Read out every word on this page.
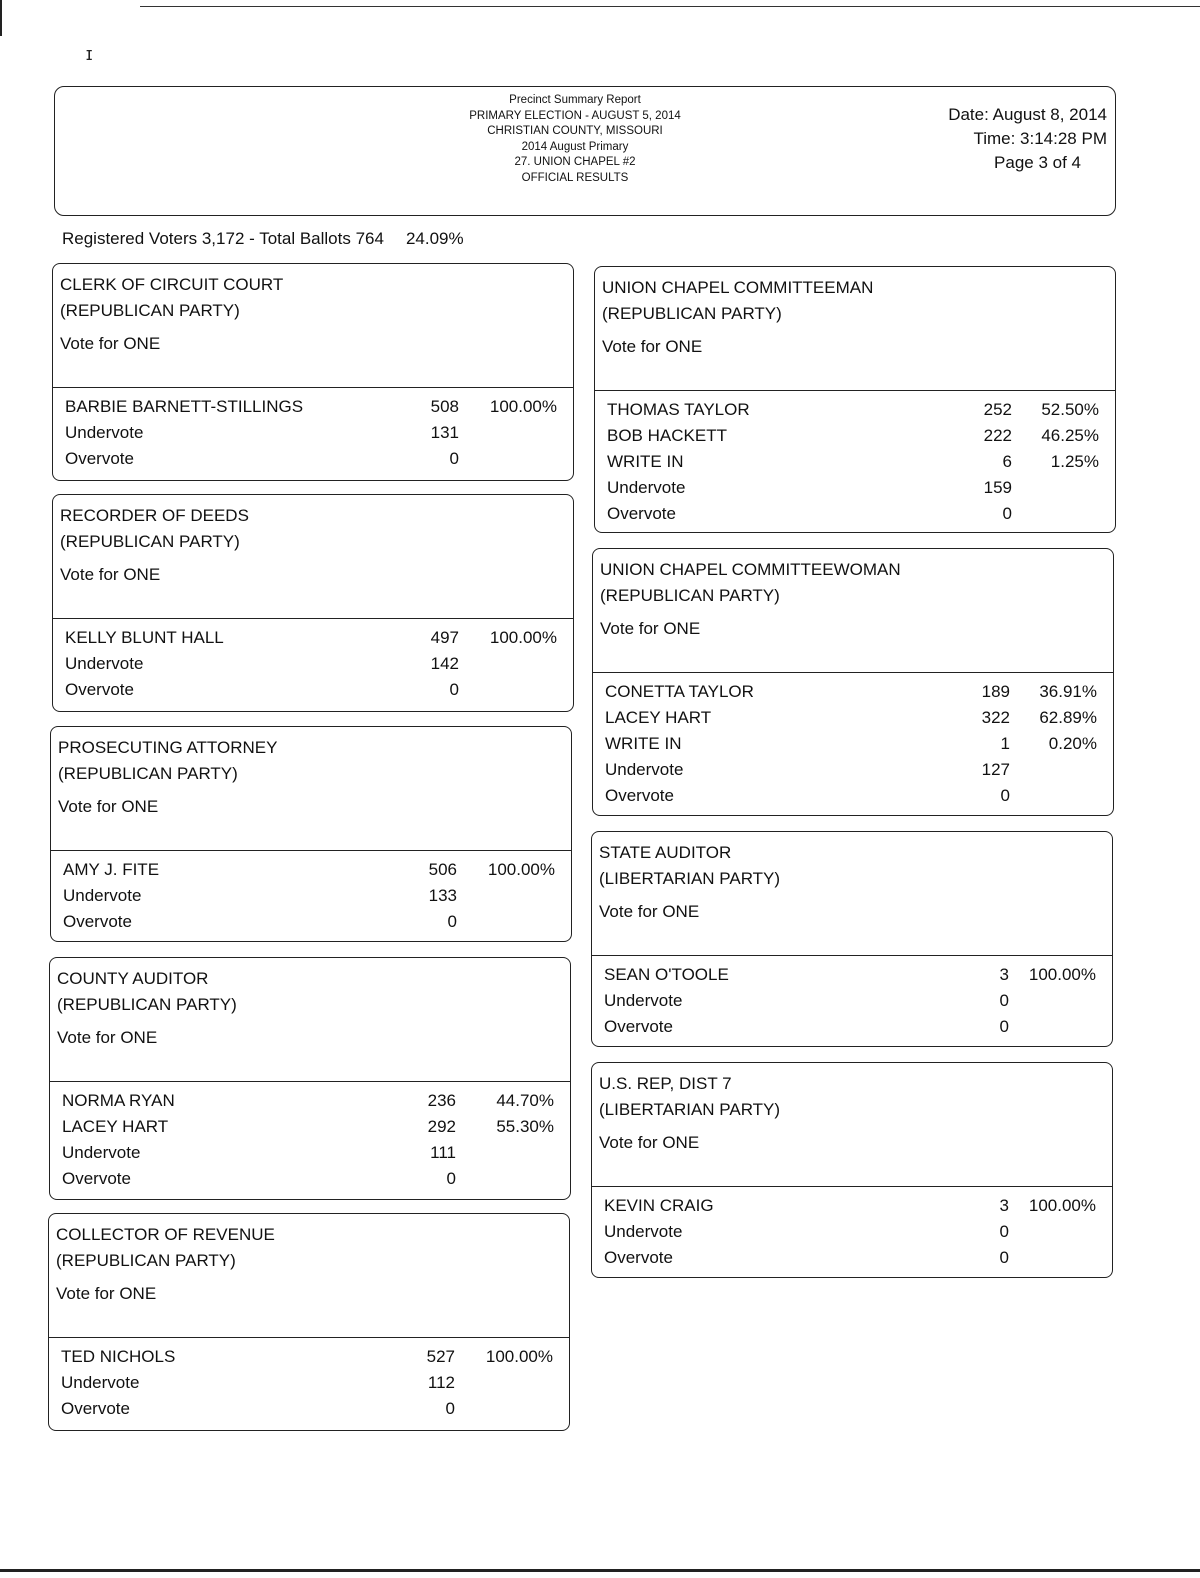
ɪ
Precinct Summary Report
PRIMARY ELECTION - AUGUST 5, 2014
CHRISTIAN COUNTY, MISSOURI
2014 August Primary
27. UNION CHAPEL #2
OFFICIAL RESULTS
Date: August 8, 2014
Time: 3:14:28 PM
Page 3 of 4
Registered Voters 3,172 - Total Ballots 764 24.09%
CLERK OF CIRCUIT COURT
(REPUBLICAN PARTY)
Vote for ONE
BARBIE BARNETT-STILLINGS	508	100.00%
Undervote	131
Overvote	0
RECORDER OF DEEDS
(REPUBLICAN PARTY)
Vote for ONE
KELLY BLUNT HALL	497	100.00%
Undervote	142
Overvote	0
PROSECUTING ATTORNEY
(REPUBLICAN PARTY)
Vote for ONE
AMY J. FITE	506	100.00%
Undervote	133
Overvote	0
COUNTY AUDITOR
(REPUBLICAN PARTY)
Vote for ONE
NORMA RYAN	236	44.70%
LACEY HART	292	55.30%
Undervote	111
Overvote	0
COLLECTOR OF REVENUE
(REPUBLICAN PARTY)
Vote for ONE
TED NICHOLS	527	100.00%
Undervote	112
Overvote	0
UNION CHAPEL COMMITTEEMAN
(REPUBLICAN PARTY)
Vote for ONE
THOMAS TAYLOR	252	52.50%
BOB HACKETT	222	46.25%
WRITE IN	6	1.25%
Undervote	159
Overvote	0
UNION CHAPEL COMMITTEEWOMAN
(REPUBLICAN PARTY)
Vote for ONE
CONETTA TAYLOR	189	36.91%
LACEY HART	322	62.89%
WRITE IN	1	0.20%
Undervote	127
Overvote	0
STATE AUDITOR
(LIBERTARIAN PARTY)
Vote for ONE
SEAN O'TOOLE	3	100.00%
Undervote	0
Overvote	0
U.S. REP, DIST 7
(LIBERTARIAN PARTY)
Vote for ONE
KEVIN CRAIG	3	100.00%
Undervote	0
Overvote	0
